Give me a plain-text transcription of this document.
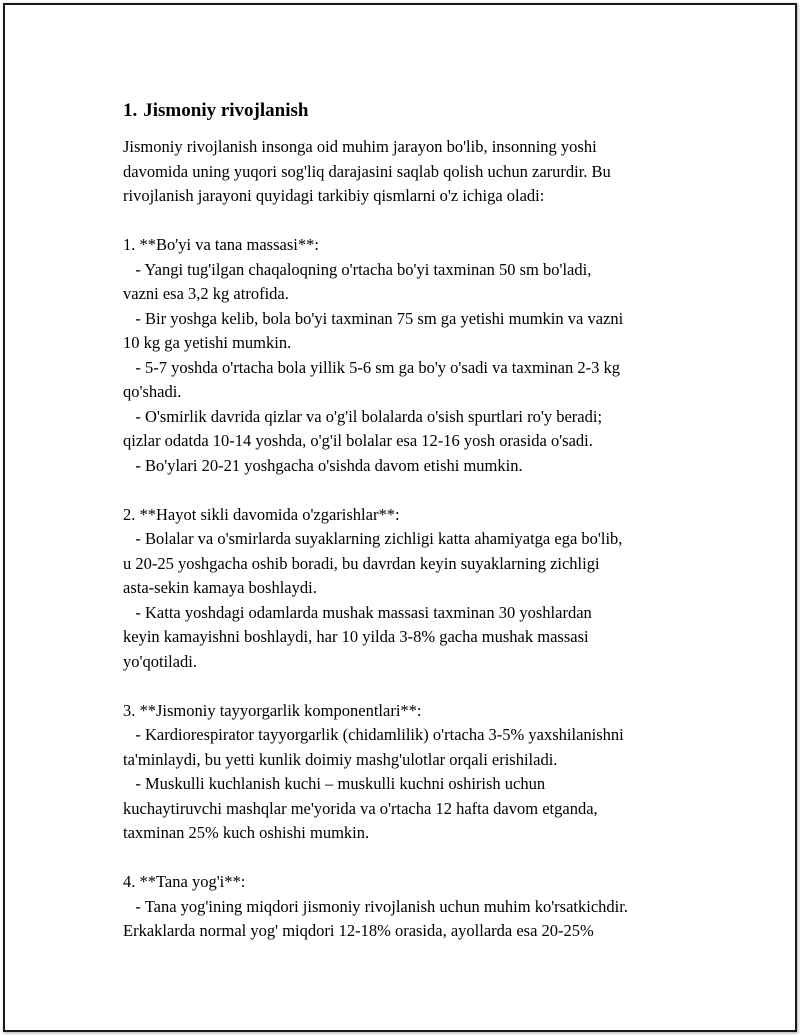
1. Jismoniy rivojlanish
Jismoniy rivojlanish insonga oid muhim jarayon bo'lib, insonning yoshi
davomida uning yuqori sog'liq darajasini saqlab qolish uchun zarurdir. Bu
rivojlanish jarayoni quyidagi tarkibiy qismlarni o'z ichiga oladi:
1. **Bo'yi va tana massasi**:
- Yangi tug'ilgan chaqaloqning o'rtacha bo'yi taxminan 50 sm bo'ladi,
vazni esa 3,2 kg atrofida.
- Bir yoshga kelib, bola bo'yi taxminan 75 sm ga yetishi mumkin va vazni
10 kg ga yetishi mumkin.
- 5-7 yoshda o'rtacha bola yillik 5-6 sm ga bo'y o'sadi va taxminan 2-3 kg
qo'shadi.
- O'smirlik davrida qizlar va o'g'il bolalarda o'sish spurtlari ro'y beradi;
qizlar odatda 10-14 yoshda, o'g'il bolalar esa 12-16 yosh orasida o'sadi.
- Bo'ylari 20-21 yoshgacha o'sishda davom etishi mumkin.
2. **Hayot sikli davomida o'zgarishlar**:
- Bolalar va o'smirlarda suyaklarning zichligi katta ahamiyatga ega bo'lib,
u 20-25 yoshgacha oshib boradi, bu davrdan keyin suyaklarning zichligi
asta-sekin kamaya boshlaydi.
- Katta yoshdagi odamlarda mushak massasi taxminan 30 yoshlardan
keyin kamayishni boshlaydi, har 10 yilda 3-8% gacha mushak massasi
yo'qotiladi.
3. **Jismoniy tayyorgarlik komponentlari**:
- Kardiorespirator tayyorgarlik (chidamlilik) o'rtacha 3-5% yaxshilanishni
ta'minlaydi, bu yetti kunlik doimiy mashg'ulotlar orqali erishiladi.
- Muskulli kuchlanish kuchi – muskulli kuchni oshirish uchun
kuchaytiruvchi mashqlar me'yorida va o'rtacha 12 hafta davom etganda,
taxminan 25% kuch oshishi mumkin.
4. **Tana yog'i**:
- Tana yog'ining miqdori jismoniy rivojlanish uchun muhim ko'rsatkichdir.
Erkaklarda normal yog' miqdori 12-18% orasida, ayollarda esa 20-25%
